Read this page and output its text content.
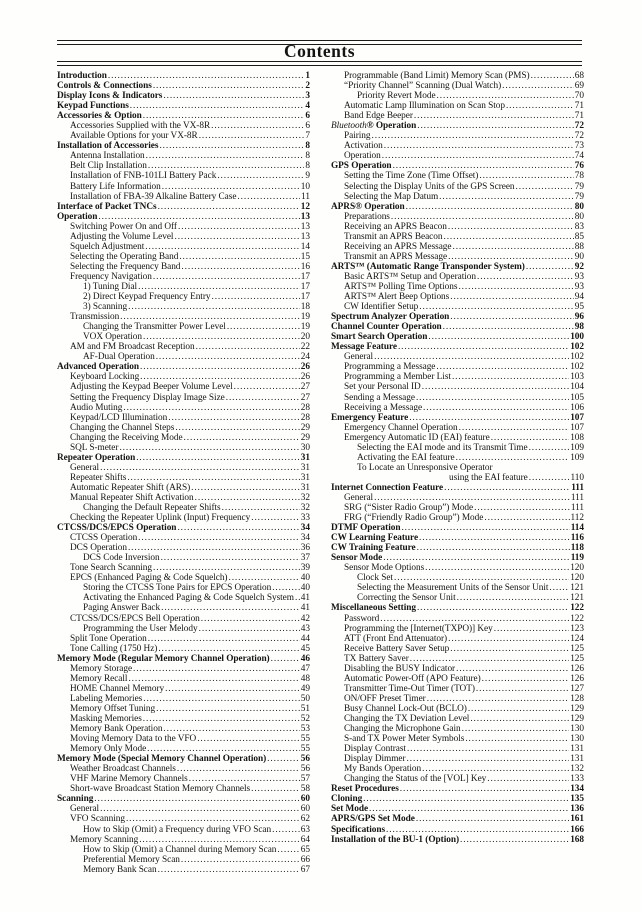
Contents
Introduction .....	1
Controls & Connections .....	2
Display Icons & Indicators .....	3
Keypad Functions .....	4
Accessories & Option .....	6
Accessories Supplied with the VX-8R .....	6
Available Options for your VX-8R .....	7
Installation of Accessories .....	8
Antenna Installation .....	8
Belt Clip Installation .....	8
Installation of FNB-101LI Battery Pack .....	9
Battery Life Information .....	10
Installation of FBA-39 Alkaline Battery Case .....	11
Interface of Packet TNCs .....	12
Operation .....	13
Switching Power On and Off .....	13
Adjusting the Volume Level .....	13
Squelch Adjustment .....	14
Selecting the Operating Band .....	15
Selecting the Frequency Band .....	16
Frequency Navigation .....	17
1) Tuning Dial .....	17
2) Direct Keypad Frequency Entry .....	17
3) Scanning .....	18
Transmission .....	19
Changing the Transmitter Power Level .....	19
VOX Operation .....	20
AM and FM Broadcast Reception .....	22
AF-Dual Operation .....	24
Advanced Operation .....	26
Keyboard Locking .....	26
Adjusting the Keypad Beeper Volume Level .....	27
Setting the Frequency Display Image Size .....	27
Audio Muting .....	28
Keypad/LCD Illumination .....	28
Changing the Channel Steps .....	29
Changing the Receiving Mode .....	29
SQL S-meter .....	30
Repeater Operation .....	31
General .....	31
Repeater Shifts .....	31
Automatic Repeater Shift (ARS) .....	31
Manual Repeater Shift Activation .....	32
Changing the Default Repeater Shifts .....	32
Checking the Repeater Uplink (Input) Frequency .....	33
CTCSS/DCS/EPCS Operation .....	34
CTCSS Operation .....	34
DCS Operation .....	36
DCS Code Inversion .....	37
Tone Search Scanning .....	39
EPCS (Enhanced Paging & Code Squelch) .....	40
Storing the CTCSS Tone Pairs for EPCS Operation .....	40
Activating the Enhanced Paging & Code Squelch System ..... 41
Paging Answer Back .....	41
CTCSS/DCS/EPCS Bell Operation .....	42
Programming the User Melody .....	43
Split Tone Operation .....	44
Tone Calling (1750 Hz) .....	45
Memory Mode (Regular Memory Channel Operation) .....	46
Memory Storage .....	47
Memory Recall .....	48
HOME Channel Memory .....	49
Labeling Memories .....	50
Memory Offset Tuning .....	51
Masking Memories .....	52
Memory Bank Operation .....	53
Moving Memory Data to the VFO .....	55
Memory Only Mode .....	55
Memory Mode (Special Memory Channel Operation) .....	56
Weather Broadcast Channels .....	56
VHF Marine Memory Channels .....	57
Short-wave Broadcast Station Memory Channels .....	58
Scanning .....	60
General .....	60
VFO Scanning .....	62
How to Skip (Omit) a Frequency during VFO Scan .....	63
Memory Scanning .....	64
How to Skip (Omit) a Channel during Memory Scan .....	65
Preferential Memory Scan .....	66
Memory Bank Scan .....	67
Programmable (Band Limit) Memory Scan (PMS) .....	68
“Priority Channel” Scanning (Dual Watch) .....	69
Priority Revert Mode .....	70
Automatic Lamp Illumination on Scan Stop .....	71
Band Edge Beeper .....	71
Bluetooth® Operation .....	72
Pairing .....	72
Activation .....	73
Operation .....	74
GPS Operation .....	76
Setting the Time Zone (Time Offset) .....	78
Selecting the Display Units of the GPS Screen .....	79
Selecting the Map Datum .....	79
APRS® Operation .....	80
Preparations .....	80
Receiving an APRS Beacon .....	83
Transmit an APRS Beacon .....	85
Receiving an APRS Message .....	88
Transmit an APRS Message .....	90
ARTS™ (Automatic Range Transponder System) .....	92
Basic ARTS™ Setup and Operation .....	93
ARTS™ Polling Time Options .....	93
ARTS™ Alert Beep Options .....	94
CW Identifier Setup .....	95
Spectrum Analyzer Operation .....	96
Channel Counter Operation .....	98
Smart Search Operation .....	100
Message Feature .....	102
General .....	102
Programming a Message .....	102
Programming a Member List .....	103
Set your Personal ID .....	104
Sending a Message .....	105
Receiving a Message .....	106
Emergency Feature .....	107
Emergency Channel Operation .....	107
Emergency Automatic ID (EAI) feature .....	108
Selecting the EAI mode and its Transmit Time .....	109
Activating the EAI feature .....	109
To Locate an Unresponsive Operator
using the EAI feature .....	110
Internet Connection Feature .....	111
General .....	111
SRG (“Sister Radio Group”) Mode .....	111
FRG (“Friendly Radio Group”) Mode .....	112
DTMF Operation .....	114
CW Learning Feature .....	116
CW Training Feature .....	118
Sensor Mode .....	119
Sensor Mode Options .....	120
Clock Set .....	120
Selecting the Measurement Units of the Sensor Unit ..... 121
Correcting the Sensor Unit .....	121
Miscellaneous Setting .....	122
Password .....	122
Programming the [Internet(TXPO)] Key .....	123
ATT (Front End Attenuator) .....	124
Receive Battery Saver Setup .....	125
TX Battery Saver .....	125
Disabling the BUSY Indicator .....	126
Automatic Power-Off (APO Feature) .....	126
Transmitter Time-Out Timer (TOT) .....	127
ON/OFF Preset Timer .....	128
Busy Channel Lock-Out (BCLO) .....	129
Changing the TX Deviation Level .....	129
Changing the Microphone Gain .....	130
S-and TX Power Meter Symbols .....	130
Display Contrast .....	131
Display Dimmer .....	131
My Bands Operation .....	132
Changing the Status of the [VOL] Key .....	133
Reset Procedures .....	134
Cloning .....	135
Set Mode .....	136
APRS/GPS Set Mode .....	161
Specifications .....	166
Installation of the BU-1 (Option) .....	168
